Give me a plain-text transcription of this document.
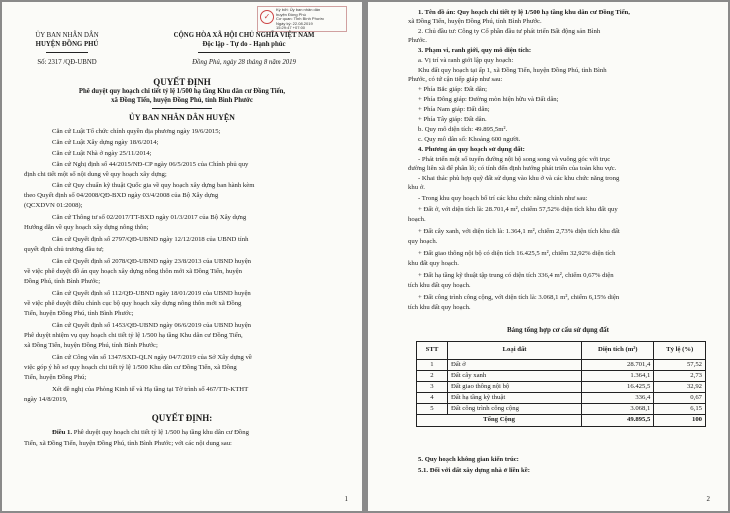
✓
Ký bởi: Ủy ban nhân dân
huyện Đồng Phú
Cơ quan: Tỉnh Bình Phước
Ngày ký: 22.08.2019
15:29:47 +07:00
ỦY BAN NHÂN DÂN
HUYỆN ĐỒNG PHÚ
Số: 2317 /QĐ-UBND
CỘNG HÒA XÃ HỘI CHỦ NGHĨA VIỆT NAM
Độc lập - Tự do - Hạnh phúc
Đồng Phú, ngày 28 tháng 8 năm 2019
QUYẾT ĐỊNH
Phê duyệt quy hoạch chi tiết tỷ lệ 1/500 hạ tầng Khu dân cư Đồng Tiến,
xã Đồng Tiến, huyện Đồng Phú, tỉnh Bình Phước
ỦY BAN NHÂN DÂN HUYỆN
Căn cứ Luật Tổ chức chính quyền địa phương ngày 19/6/2015;
Căn cứ Luật Xây dựng ngày 18/6/2014;
Căn cứ Luật Nhà ở ngày 25/11/2014;
Căn cứ Nghị định số 44/2015/NĐ-CP ngày 06/5/2015 của Chính phủ quy
định chi tiết một số nội dung về quy hoạch xây dựng;
Căn cứ Quy chuẩn kỹ thuật Quốc gia về quy hoạch xây dựng ban hành kèm
theo Quyết định số 04/2008/QĐ-BXD ngày 03/4/2008 của Bộ Xây dựng
(QCXDVN 01:2008);
Căn cứ Thông tư số 02/2017/TT-BXD ngày 01/3/2017 của Bộ Xây dựng
Hướng dẫn về quy hoạch xây dựng nông thôn;
Căn cứ Quyết định số 2797/QĐ-UBND ngày 12/12/2018 của UBND tỉnh
quyết định chủ trương đầu tư;
Căn cứ Quyết định số 2078/QĐ-UBND ngày 23/8/2013 của UBND huyện
về việc phê duyệt đồ án quy hoạch xây dựng nông thôn mới xã Đồng Tiến, huyện
Đồng Phú, tỉnh Bình Phước;
Căn cứ Quyết định số 112/QĐ-UBND ngày 18/01/2019 của UBND huyện
về việc phê duyệt điều chỉnh cục bộ quy hoạch xây dựng nông thôn mới xã Đồng
Tiến, huyện Đồng Phú, tỉnh Bình Phước;
Căn cứ Quyết định số 1453/QĐ-UBND ngày 06/6/2019 của UBND huyện
Phê duyệt nhiệm vụ quy hoạch chi tiết tỷ lệ 1/500 hạ tầng Khu dân cư Đồng Tiến,
xã Đồng Tiến, huyện Đồng Phú, tỉnh Bình Phước;
Căn cứ Công văn số 1347/SXD-QLN ngày 04/7/2019 của Sở Xây dựng về
việc góp ý hồ sơ quy hoạch chi tiết tỷ lệ 1/500 Khu dân cư Đồng Tiến, xã Đồng
Tiến, huyện Đồng Phú;
Xét đề nghị của Phòng Kinh tế và Hạ tầng tại Tờ trình số 467/TTr-KTHT
ngày 14/8/2019,
QUYẾT ĐỊNH:
Điều 1. Phê duyệt quy hoạch chi tiết tỷ lệ 1/500 hạ tầng khu dân cư Đồng
Tiến, xã Đồng Tiến, huyện Đồng Phú, tỉnh Bình Phước; với các nội dung sau:
1
1. Tên đồ án: Quy hoạch chi tiết tỷ lệ 1/500 hạ tầng khu dân cư Đồng Tiến,
xã Đồng Tiến, huyện Đồng Phú, tỉnh Bình Phước.
2. Chủ đầu tư: Công ty Cổ phần đầu tư phát triển Bất động sản Bình
Phước.
3. Phạm vi, ranh giới, quy mô diện tích:
a. Vị trí và ranh giới lập quy hoạch:
Khu đất quy hoạch tại ấp 1, xã Đồng Tiến, huyện Đồng Phú, tỉnh Bình
Phước, có tứ cận tiếp giáp như sau:
+ Phía Bắc giáp: Đất dân;
+ Phía Đông giáp: Đường mòn hiện hữu và Đất dân;
+ Phía Nam giáp: Đất dân;
+ Phía Tây giáp: Đất dân.
b. Quy mô diện tích: 49.895,5m².
c. Quy mô dân số: Khoảng 600 người.
4. Phương án quy hoạch sử dụng đất:
- Phát triển một số tuyến đường nội bộ song song và vuông góc với trục
đường liên xã để phân lô; có tính đến định hướng phát triển của toàn khu vực.
- Khai thác phù hợp quỹ đất sử dụng vào khu ở và các khu chức năng trong
khu ở.
- Trong khu quy hoạch bố trí các khu chức năng chính như sau:
+ Đất ở, với diện tích là: 28.701,4 m², chiếm 57,52% diện tích khu đất quy
hoạch.
+ Đất cây xanh, với diện tích là: 1.364,1 m², chiếm 2,73% diện tích khu đất
quy hoạch.
+ Đất giao thông nội bộ có diện tích 16.425,5 m², chiếm 32,92% diện tích
khu đất quy hoạch.
+ Đất hạ tầng kỹ thuật tập trung có diện tích 336,4 m², chiếm 0,67% diện
tích khu đất quy hoạch.
+ Đất công trình công cộng, với diện tích là: 3.068,1 m², chiếm 6,15% diện
tích khu đất quy hoạch.
Bảng tổng hợp cơ cấu sử dụng đất
STT	Loại đất	Diện tích (m²)	Tỷ lệ (%)
1	Đất ở	28.701,4	57,52
2	Đất cây xanh	1.364,1	2,73
3	Đất giao thông nội bộ	16.425,5	32,92
4	Đất hạ tầng kỹ thuật	336,4	0,67
5	Đất công trình công cộng	3.068,1	6,15
Tổng Cộng		49.895,5	100
5. Quy hoạch không gian kiến trúc:
5.1. Đối với đất xây dựng nhà ở liền kề:
2
